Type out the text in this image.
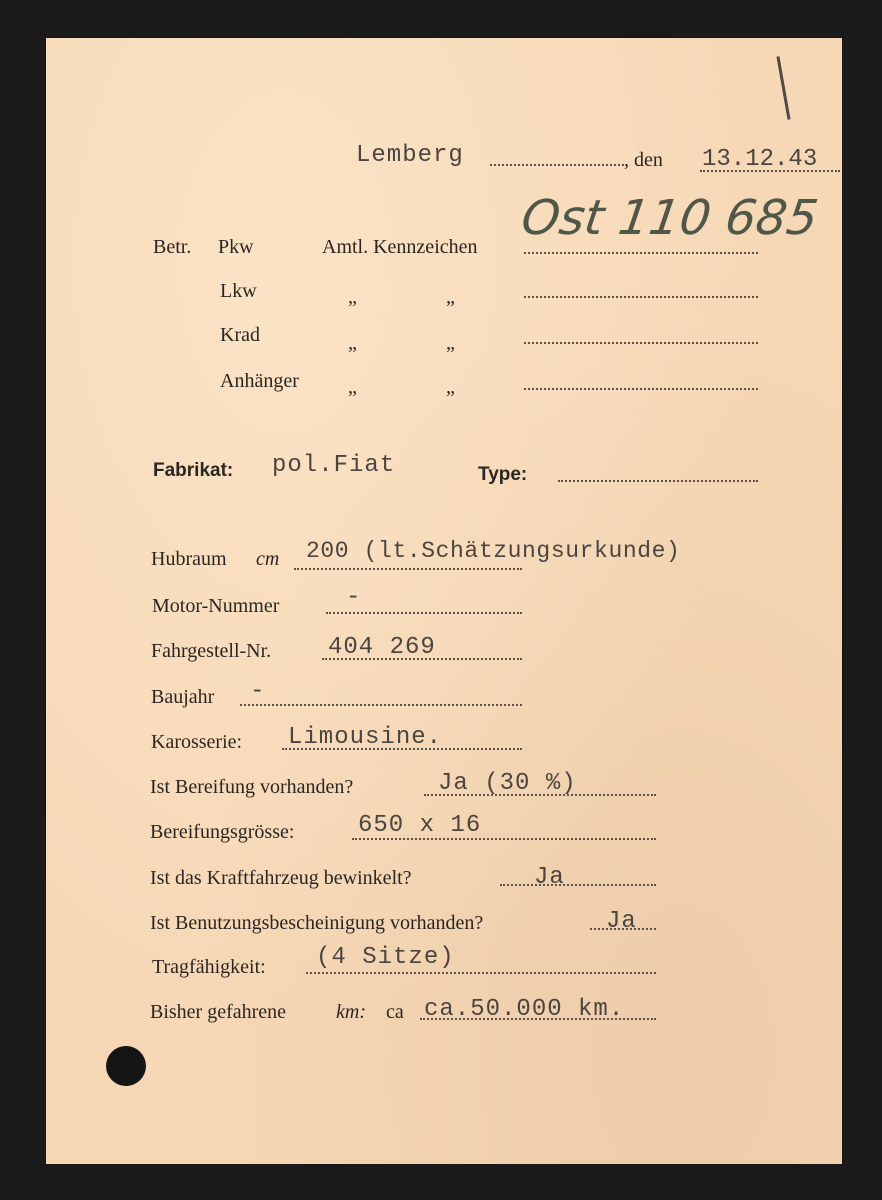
Lemberg	, den 13.12.43
Betr. Pkw	Amtl. Kennzeichen
Ost 110 685
Lkw	„	„
Krad	„	„
Anhänger „	„
Fabrikat: pol.Fiat	Type:
Hubraum cm 200 (lt.Schätzungsurkunde)
Motor-Nummer	-
Fahrgestell-Nr. 404 269
Baujahr -
Karosserie: Limousine.
Ist Bereifung vorhanden?	Ja (30 %)
Bereifungsgrösse:	650 x 16
Ist das Kraftfahrzeug bewinkelt?	Ja
Ist Benutzungsbescheinigung vorhanden?	Ja
Tragfähigkeit: (4 Sitze)
Bisher gefahrene km: ca ca.50.000 km.
